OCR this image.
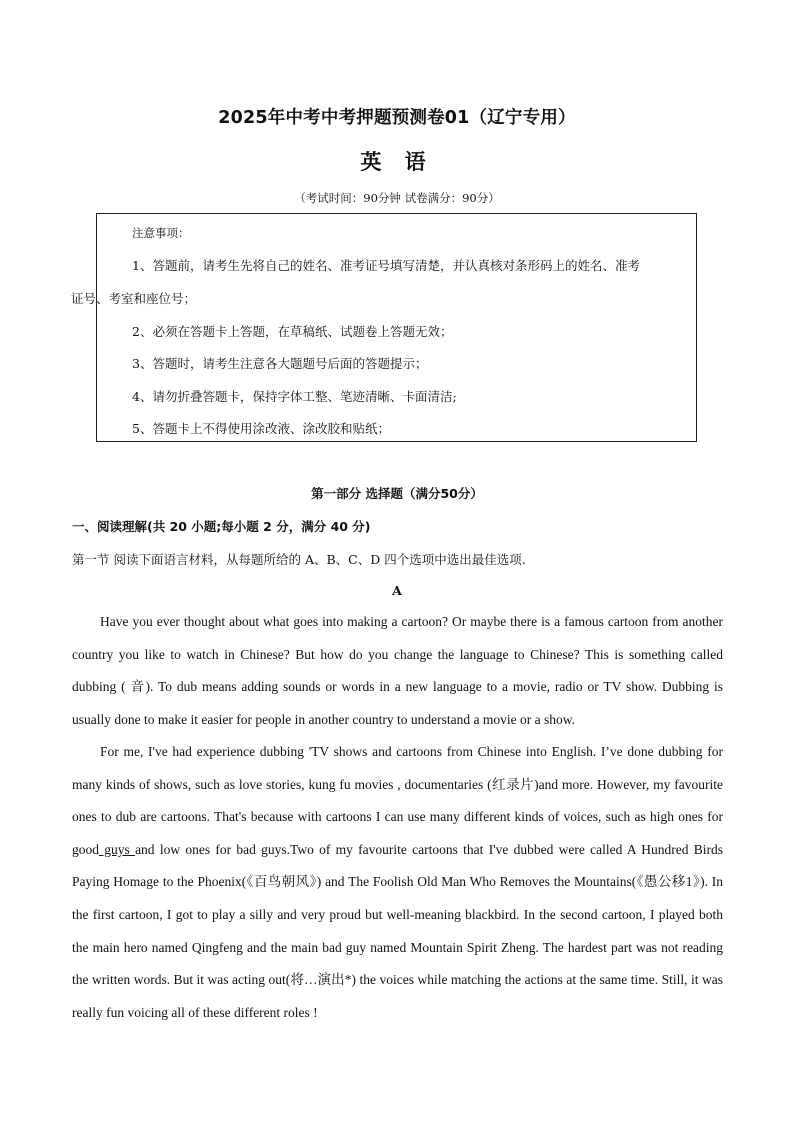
2025年中考中考押题预测卷01（辽宁专用）
英 语
（考试时间：90分钟 试卷满分：90分）
注意事项：
1、答题前，请考生先将自己的姓名、准考证号填写清楚，并认真核对条形码上的姓名、准考
证号、考室和座位号；
2、必须在答题卡上答题，在草稿纸、试题卷上答题无效；
3、答题时，请考生注意各大题题号后面的答题提示；
4、请勿折叠答题卡，保持字体工整、笔迹清晰、卡面清洁;
5、答题卡上不得使用涂改液、涂改胶和贴纸；
第一部分 选择题（满分50分）
一、阅读理解(共 20 小题;每小题 2 分，满分 40 分)
第一节 阅读下面语言材料，从每题所给的 A、B、C、D 四个选项中选出最佳选项.
A

Have you ever thought about what goes into making a cartoon? Or maybe there is a famous cartoon from another country you like to watch in Chinese? But how do you change the language to Chinese? This is something called dubbing ( 音). To dub means adding sounds or words in a new language to a movie, radio or TV show. Dubbing is usually done to make it easier for people in another country to understand a movie or a show.

For me, I've had experience dubbing 'TV shows and cartoons from Chinese into English. I’ve done dubbing for many kinds of shows, such as love stories, kung fu movies , documentaries (红录片)and more. However, my favourite ones to dub are cartoons. That's because with cartoons I can use many different kinds of voices, such as high ones for good guys and low ones for bad guys.Two of my favourite cartoons that I've dubbed were called A Hundred Birds Paying Homage to the Phoenix(《百鸟朝风》) and The Foolish Old Man Who Removes the Mountains(《愚公移1》). In the first cartoon, I got to play a silly and very proud but well-meaning blackbird. In the second cartoon, I played both the main hero named Qingfeng and the main bad guy named Mountain Spirit Zheng. The hardest part was not reading the written words. But it was acting out(将…演出*) the voices while matching the actions at the same time. Still, it was really fun voicing all of these different roles !
